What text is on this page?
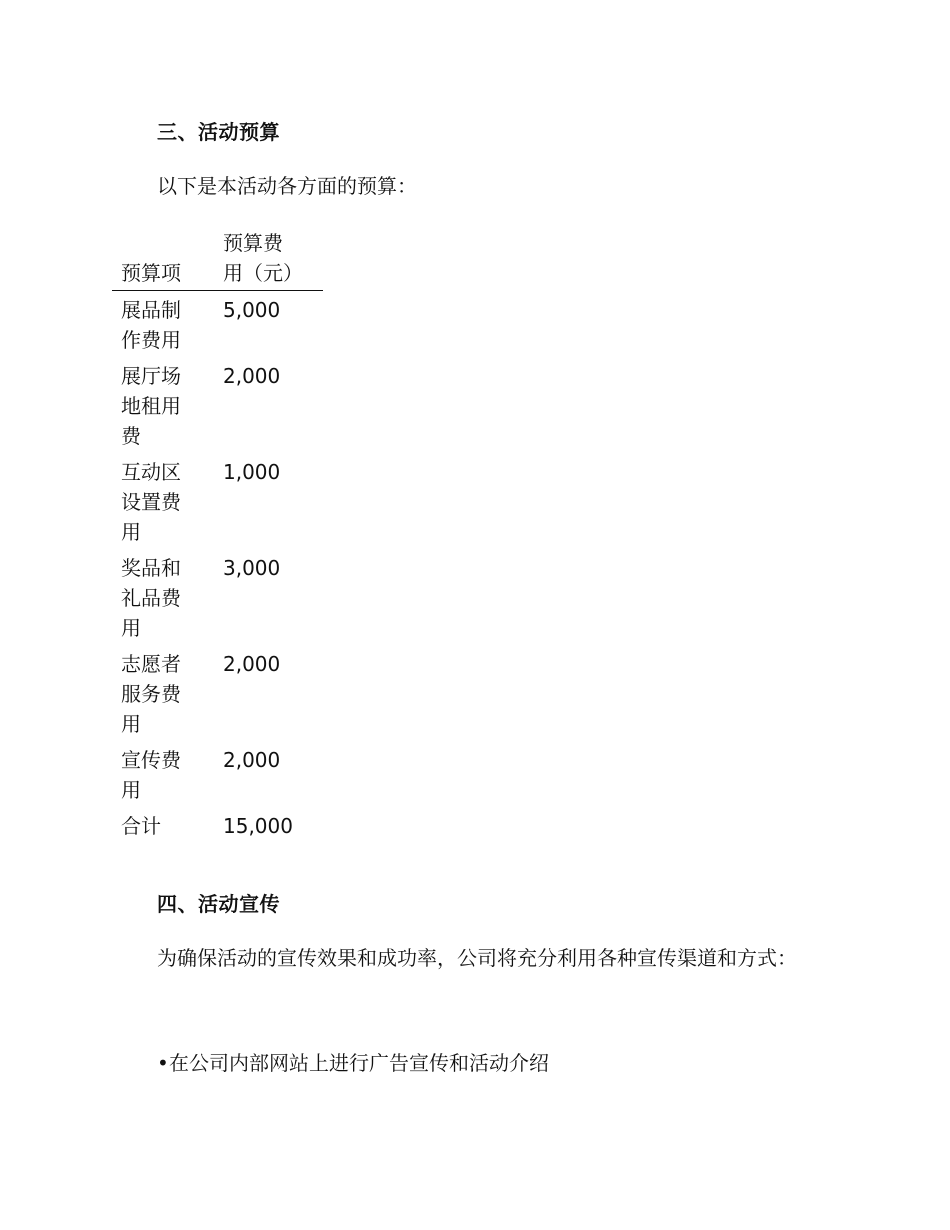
三、活动预算

以下是本活动各方面的预算：

预算项	预算费用（元）

展品制作费用	5,000
展厅场地租用费	2,000
互动区设置费用	1,000
奖品和礼品费用	3,000
志愿者服务费用	2,000
宣传费用	2,000
合计	15,000
四、活动宣传

为确保活动的宣传效果和成功率，公司将充分利用各种宣传渠道和方式：

•在公司内部网站上进行广告宣传和活动介绍
